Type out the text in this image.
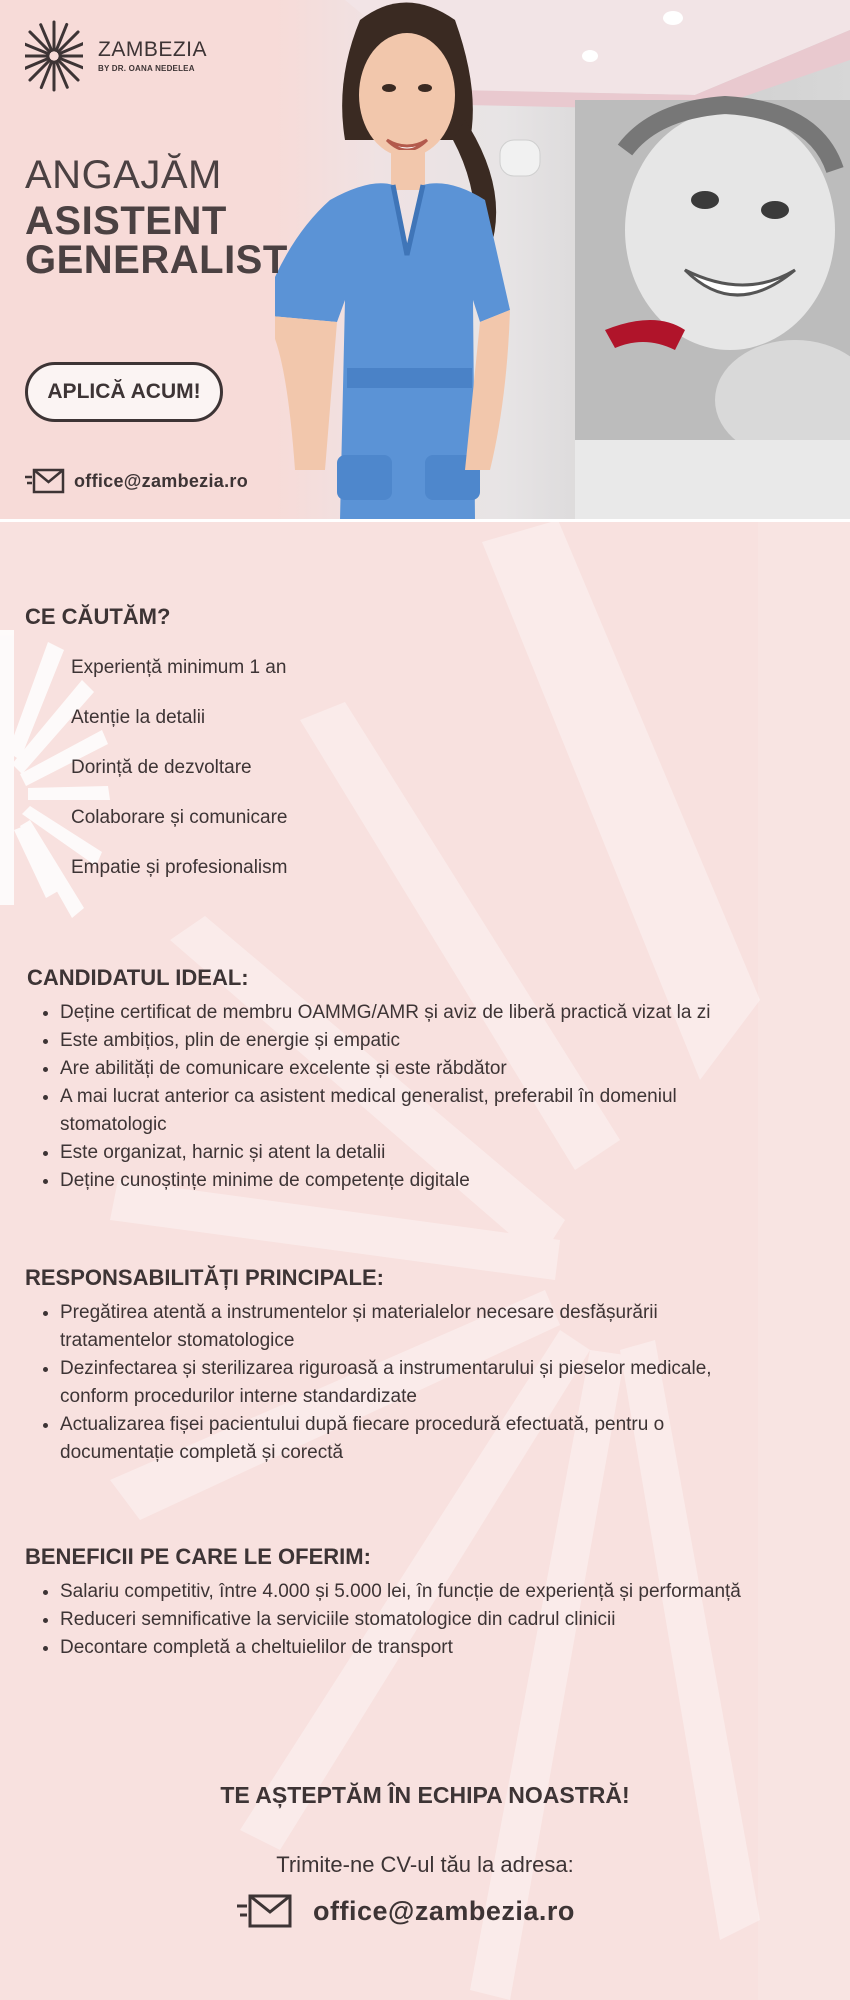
ZAMBEZIA
BY DR. OANA NEDELEA
ANGAJĂM
ASISTENT
GENERALIST
APLICĂ ACUM!
office@zambezia.ro
CE CĂUTĂM?
Experiență minimum 1 an
Atenție la detalii
Dorință de dezvoltare
Colaborare și comunicare
Empatie și profesionalism
CANDIDATUL IDEAL:
• Deține certificat de membru OAMMG/AMR și aviz de liberă practică vizat la zi
• Este ambițios, plin de energie și empatic
• Are abilități de comunicare excelente și este răbdător
• A mai lucrat anterior ca asistent medical generalist, preferabil în domeniul stomatologic
• Este organizat, harnic și atent la detalii
• Deține cunoștințe minime de competențe digitale
RESPONSABILITĂȚI PRINCIPALE:
• Pregătirea atentă a instrumentelor și materialelor necesare desfășurării tratamentelor stomatologice
• Dezinfectarea și sterilizarea riguroasă a instrumentarului și pieselor medicale, conform procedurilor interne standardizate
• Actualizarea fișei pacientului după fiecare procedură efectuată, pentru o documentație completă și corectă
BENEFICII PE CARE LE OFERIM:
• Salariu competitiv, între 4.000 și 5.000 lei, în funcție de experiență și performanță
• Reduceri semnificative la serviciile stomatologice din cadrul clinicii
• Decontare completă a cheltuielilor de transport
TE AȘTEPTĂM ÎN ECHIPA NOASTRĂ!
Trimite-ne CV-ul tău la adresa:
office@zambezia.ro
